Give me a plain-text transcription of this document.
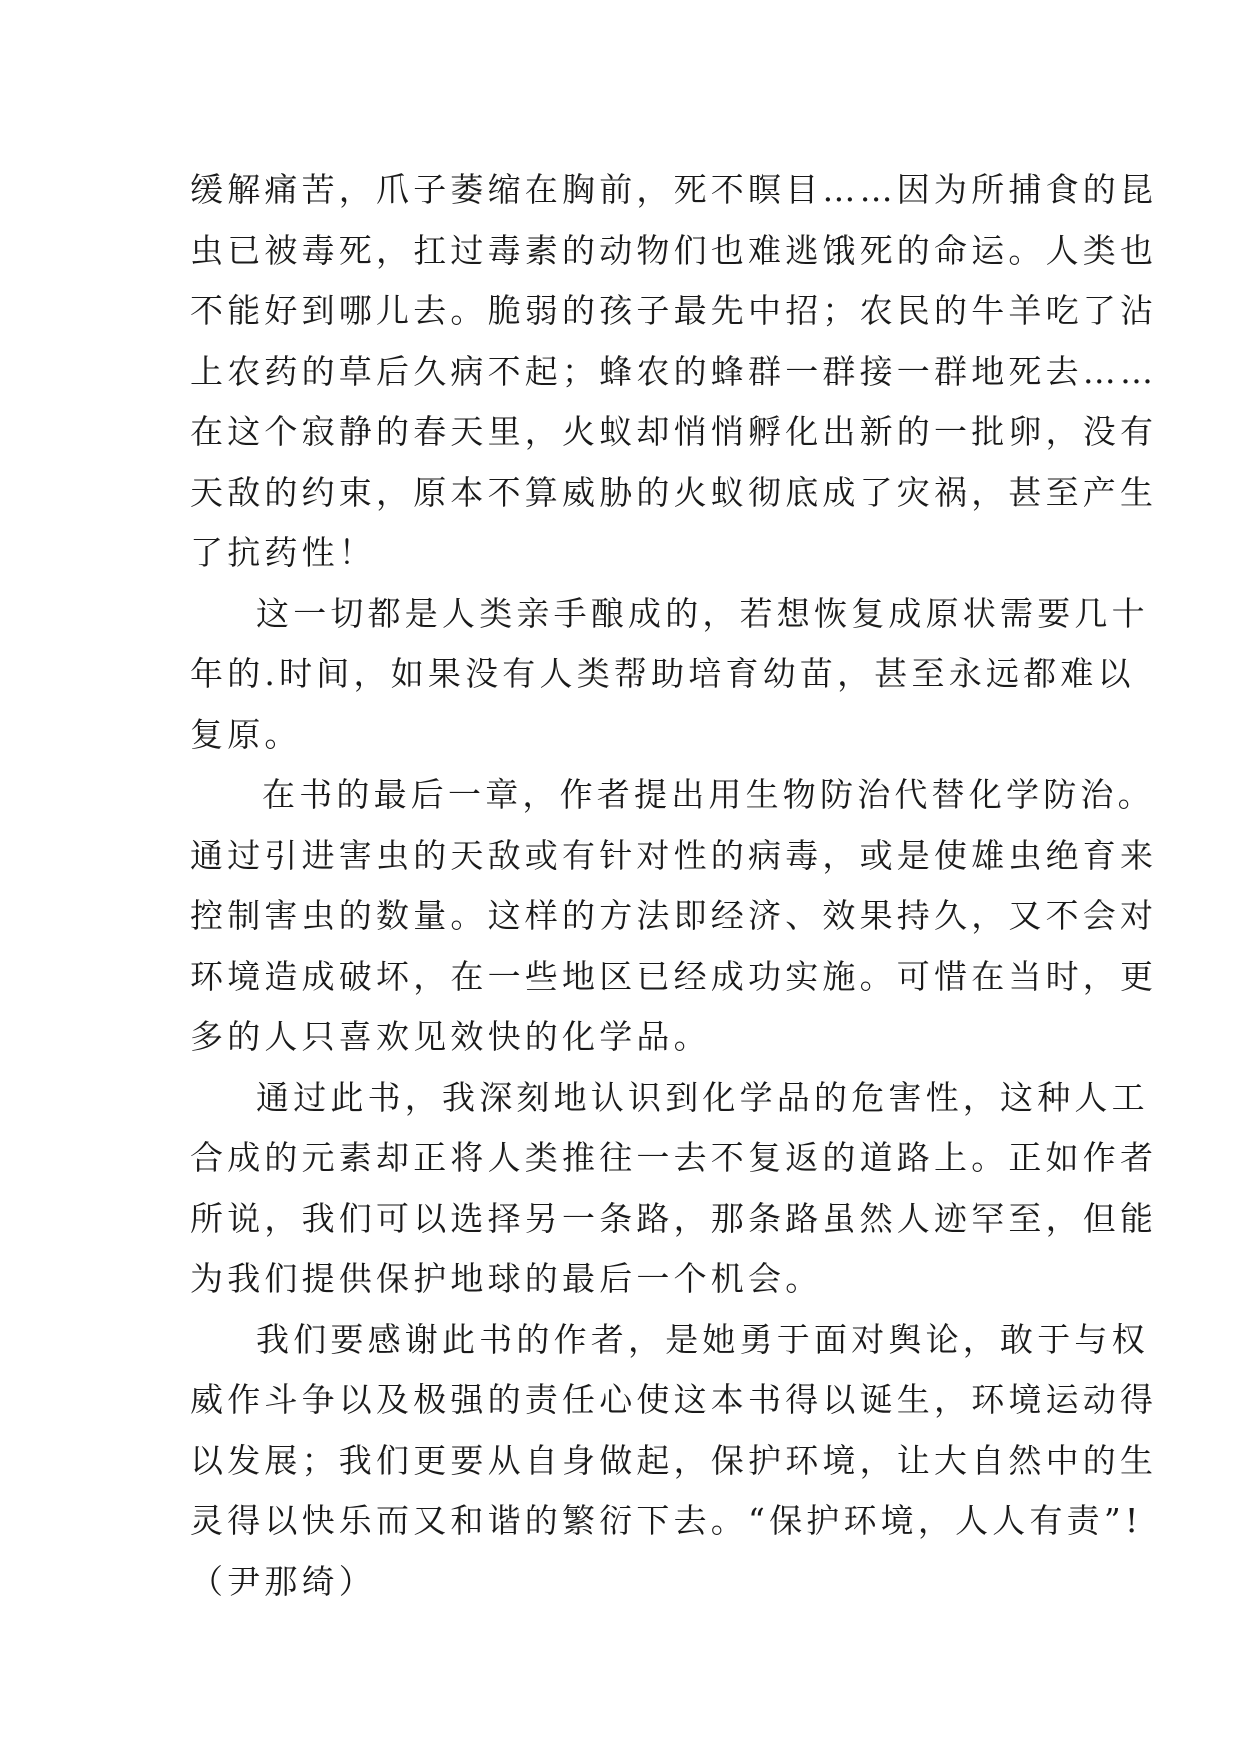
缓解痛苦，爪子萎缩在胸前，死不瞑目……因为所捕食的昆
虫已被毒死，扛过毒素的动物们也难逃饿死的命运。人类也
不能好到哪儿去。脆弱的孩子最先中招；农民的牛羊吃了沾
上农药的草后久病不起；蜂农的蜂群一群接一群地死去……
在这个寂静的春天里，火蚁却悄悄孵化出新的一批卵，没有
天敌的约束，原本不算威胁的火蚁彻底成了灾祸，甚至产生
了抗药性！
这一切都是人类亲手酿成的，若想恢复成原状需要几十
年的.时间，如果没有人类帮助培育幼苗，甚至永远都难以
复原。
在书的最后一章，作者提出用生物防治代替化学防治。
通过引进害虫的天敌或有针对性的病毒，或是使雄虫绝育来
控制害虫的数量。这样的方法即经济、效果持久，又不会对
环境造成破坏，在一些地区已经成功实施。可惜在当时，更
多的人只喜欢见效快的化学品。
通过此书，我深刻地认识到化学品的危害性，这种人工
合成的元素却正将人类推往一去不复返的道路上。正如作者
所说，我们可以选择另一条路，那条路虽然人迹罕至，但能
为我们提供保护地球的最后一个机会。
我们要感谢此书的作者，是她勇于面对舆论，敢于与权
威作斗争以及极强的责任心使这本书得以诞生，环境运动得
以发展；我们更要从自身做起，保护环境，让大自然中的生
灵得以快乐而又和谐的繁衍下去。“保护环境，人人有责”!
（尹那绮）
